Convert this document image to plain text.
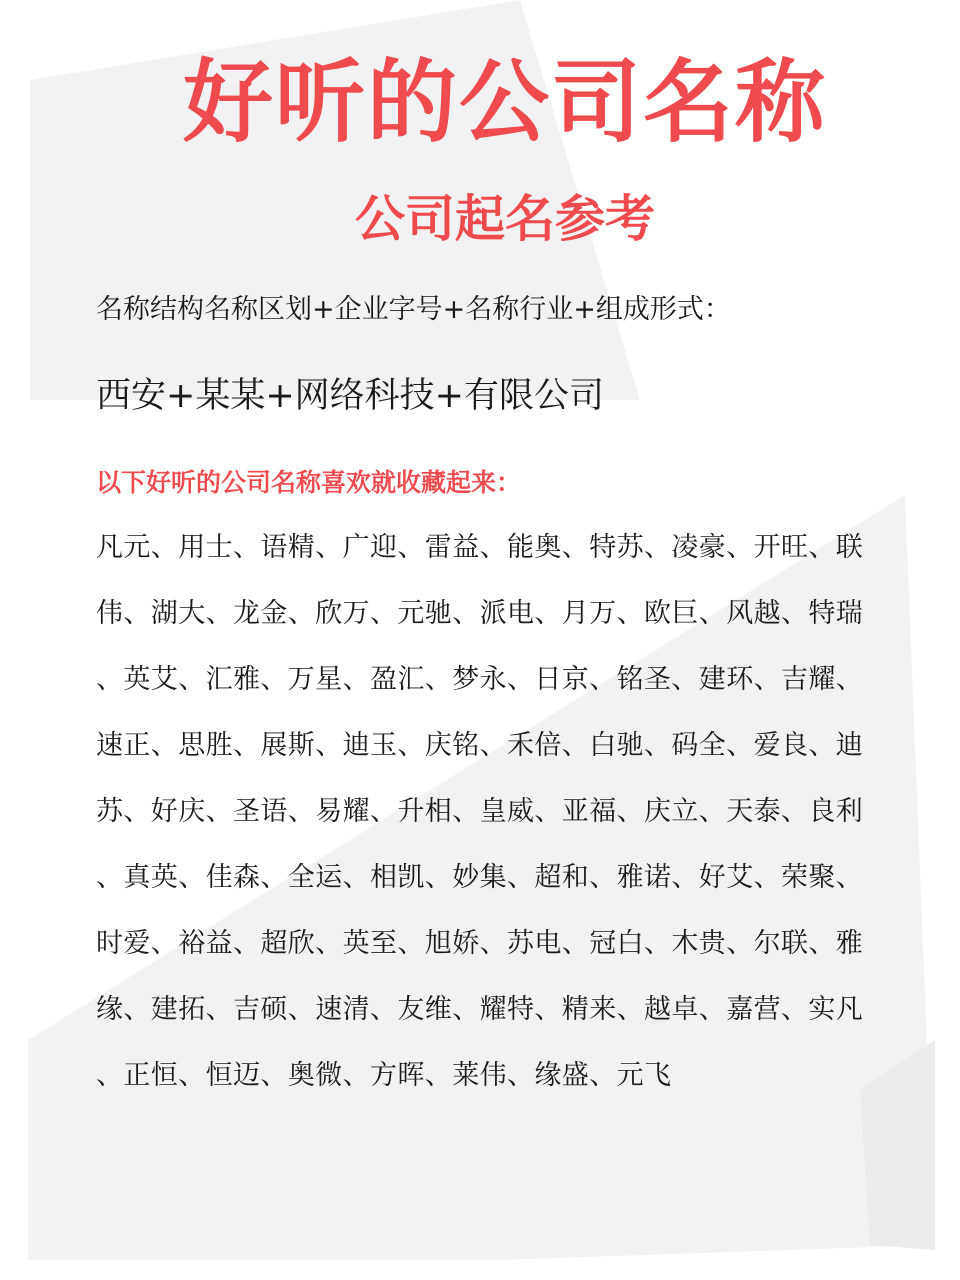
好听的公司名称
公司起名参考
名称结构名称区划+企业字号+名称行业+组成形式：
西安+某某+网络科技+有限公司
以下好听的公司名称喜欢就收藏起来：
凡元、用士、语精、广迎、雷益、能奥、特苏、凌豪、开旺、联
伟、湖大、龙金、欣万、元驰、派电、月万、欧巨、风越、特瑞
、英艾、汇雅、万星、盈汇、梦永、日京、铭圣、建环、吉耀、
速正、思胜、展斯、迪玉、庆铭、禾倍、白驰、码全、爱良、迪
苏、好庆、圣语、易耀、升相、皇威、亚福、庆立、天泰、良利
、真英、佳森、全运、相凯、妙集、超和、雅诺、好艾、荣聚、
时爱、裕益、超欣、英至、旭娇、苏电、冠白、木贵、尔联、雅
缘、建拓、吉硕、速清、友维、耀特、精来、越卓、嘉营、实凡
、正恒、恒迈、奥微、方晖、莱伟、缘盛、元飞
